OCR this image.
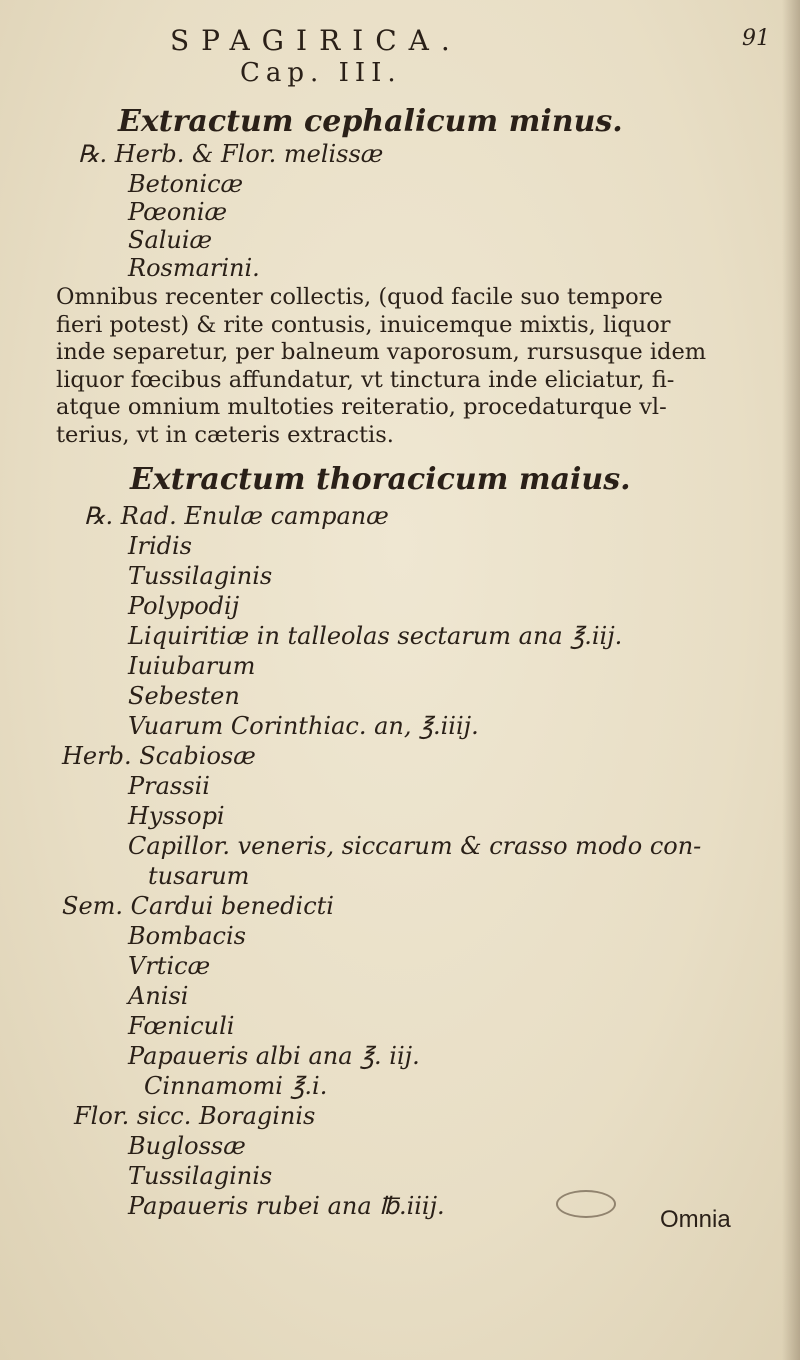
SPAGIRICA.	91
Cap. III.
Extractum cephalicum minus.
℞. Herb. & Flor. melissæ
Betonicæ
Pœoniæ
Saluiæ
Rosmarini.

Omnibus recenter collectis, (quod facile suo tempore

fieri potest) & rite contusis, inuicemque mixtis, liquor

inde separetur, per balneum vaporosum, rursusque idem

liquor fœcibus affundatur, vt tinctura inde eliciatur, fi-

atque omnium multoties reiteratio, procedaturque vl-

terius, vt in cæteris extractis.

Extractum thoracicum maius.
℞. Rad. Enulæ campanæ
Iridis
Tussilaginis
Polypodij
Liquiritiæ in talleolas sectarum ana ℥.iij.
Iuiubarum
Sebesten
Vuarum Corinthiac. an, ℥.iiij.
Herb. Scabiosæ
Prassii
Hyssopi
Capillor. veneris, siccarum & crasso modo con-
tusarum
Sem. Cardui benedicti
Bombacis
Vrticæ
Anisi
Fœniculi
Papaueris albi ana ℥. iij.
Cinnamomi ℥.i.
Flor. sicc. Boraginis
Buglossæ
Tussilaginis
Papaueris rubei ana ℔.iiij.	Omnia
